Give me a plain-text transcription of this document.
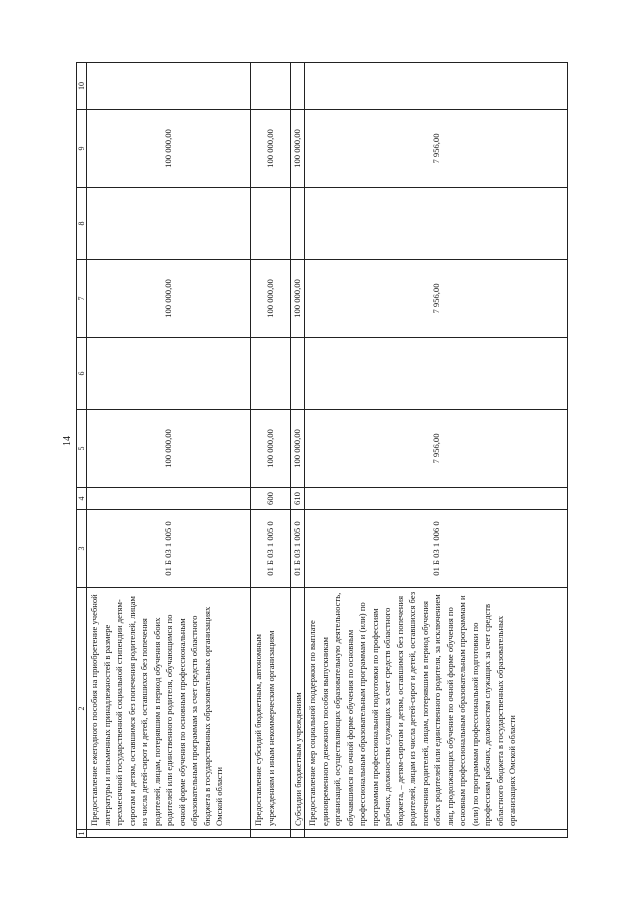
14
1
2
3
4
5
6
7
8
9
10
Предоставление ежегодного пособия на приобретение учебной литературы и письменных принадлежностей в размере трехмесячной государственной социальной стипендии детям-сиротам и детям, оставшимся без попечения родителей, лицам из числа детей-сирот и детей, оставшихся без попечения родителей, лицам, потерявшим в период обучения обоих родителей или единственного родителя, обучающимся по очной форме обучения по основным профессиональным образовательным программам за счет средств областного бюджета в государственных образовательных организациях Омской области
01 Б 03 1 005 0
100 000,00
100 000,00
100 000,00
Предоставление субсидий бюджетным, автономным учреждениям и иным некоммерческим организациям
01 Б 03 1 005 0
600
100 000,00
100 000,00
100 000,00
Субсидии бюджетным учреждениям
01 Б 03 1 005 0
610
100 000,00
100 000,00
100 000,00
Предоставление мер социальной поддержки по выплате единовременного денежного пособия выпускникам организаций, осуществляющих образовательную деятельность, обучавшимся по очной форме обучения по основным профессиональным образовательным программам и (или) по программам профессиональной подготовки по профессиям рабочих, должностям служащих за счет средств областного бюджета, – детям-сиротам и детям, оставшимся без попечения родителей, лицам из числа детей-сирот и детей, оставшихся без попечения родителей, лицам, потерявшим в период обучения обоих родителей или единственного родителя, за исключением лиц, продолжающих обучение по очной форме обучения по основным профессиональным образовательным программам и (или) по программам профессиональной подготовки по профессиям рабочих, должностям служащих за счет средств областного бюджета в государственных образовательных организациях Омской области
01 Б 03 1 006 0
7 956,00
7 956,00
7 956,00
